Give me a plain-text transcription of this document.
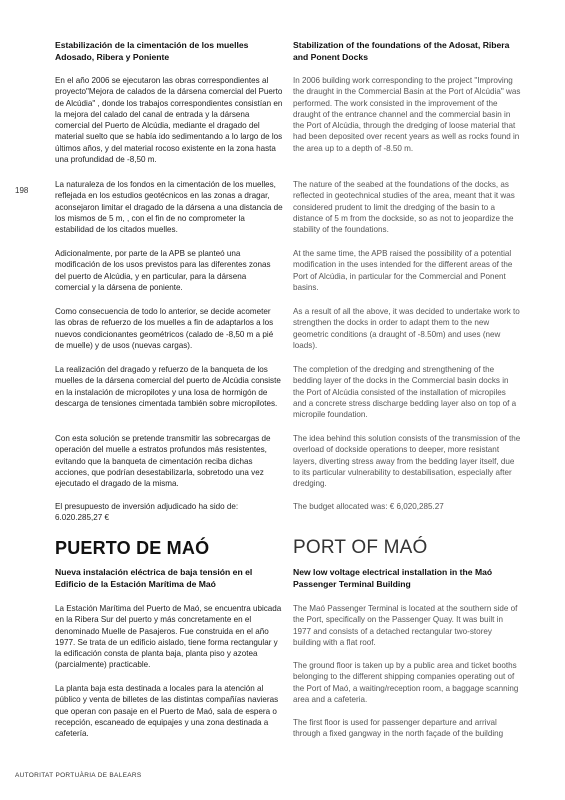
198
Estabilización de la cimentación de los muelles Adosado, Ribera y Poniente

En el año 2006 se ejecutaron las obras correspondientes al proyecto"Mejora de calados de la dársena comercial del Puerto de Alcúdia" , donde los trabajos correspondientes consistían en la mejora del calado del canal de entrada y la dársena comercial del Puerto de Alcúdia, mediante el dragado del material suelto que se había ido sedimentando a lo largo de los últimos años, y del material rocoso existente en la zona hasta una profundidad de -8,50 m.

La naturaleza de los fondos en la cimentación de los muelles, reflejada en los estudios geotécnicos en las zonas a dragar, aconsejaron limitar el dragado de la dársena a una distancia de los mismos de 5 m, , con el fin de no comprometer la estabilidad de los citados muelles.

Adicionalmente, por parte de la APB se planteó una modificación de los usos previstos para las diferentes zonas del puerto de Alcúdia, y en particular, para la dársena comercial y la dársena de poniente.

Como consecuencia de todo lo anterior, se decide acometer las obras de refuerzo de los muelles a fin de adaptarlos a los nuevos condicionantes geométricos (calado de -8,50 m a pié de muelle) y de usos (nuevas cargas).

La realización del dragado y refuerzo de la banqueta de los muelles de la dársena comercial del puerto de Alcúdia consiste en la instalación de micropilotes y una losa de hormigón de descarga de tensiones cimentada también sobre micropilotes.

Con esta solución se pretende transmitir las sobrecargas de operación del muelle a estratos profundos más resistentes, evitando que la banqueta de cimentación reciba dichas acciones, que podrían desestabilizarla, sobretodo una vez ejecutado el dragado de la misma.

El presupuesto de inversión adjudicado ha sido de: 6.020.285,27 €

PUERTO DE MAÓ
Nueva instalación eléctrica de baja tensión en el Edificio de la Estación Marítima de Maó

La Estación Marítima del Puerto de Maó, se encuentra ubicada en la Ribera Sur del puerto y más concretamente en el denominado Muelle de Pasajeros. Fue construida en el año 1977. Se trata de un edificio aislado, tiene forma rectangular y la edificación consta de planta baja, planta piso y azotea (parcialmente) practicable.

La planta baja esta destinada a locales para la atención al público y venta de billetes de las distintas compañías navieras que operan con pasaje en el Puerto de Maó, sala de espera o recepción, escaneado de equipajes y una zona destinada a cafetería.

Stabilization of the foundations of the Adosat, Ribera and Ponent Docks

In 2006 building work corresponding to the project "Improving the draught in the Commercial Basin at the Port of Alcúdia" was performed. The work consisted in the improvement of the draught of the entrance channel and the commercial basin in the Port of Alcúdia, through the dredging of loose material that had been deposited over recent years as well as rocks found in the area up to a depth of -8.50 m.

The nature of the seabed at the foundations of the docks, as reflected in geotechnical studies of the area, meant that it was considered prudent to limit the dredging of the basin to a distance of 5 m from the dockside, so as not to jeopardize the stability of the foundations.

At the same time, the APB raised the possibility of a potential modification in the uses intended for the different areas of the Port of Alcúdia, in particular for the Commercial and Ponent basins.

As a result of all the above, it was decided to undertake work to strengthen the docks in order to adapt them to the new geometric conditions (a draught of -8.50m) and uses (new loads).

The completion of the dredging and strengthening of the bedding layer of the docks in the Commercial basin docks in the Port of Alcúdia consisted of the installation of micropiles and a concrete stress discharge bedding layer also on top of a micropile foundation.

The idea behind this solution consists of the transmission of the overload of dockside operations to deeper, more resistant layers, diverting stress away from the bedding layer itself, due to its particular vulnerability to destabilisation, especially after dredging.

The budget allocated was: € 6,020,285.27

PORT OF MAÓ
New low voltage electrical installation in the Maó Passenger Terminal Building

The Maó Passenger Terminal is located at the southern side of the Port, specifically on the Passenger Quay. It was built in 1977 and consists of a detached rectangular two-storey building with a flat roof.

The ground floor is taken up by a public area and ticket booths belonging to the different shipping companies operating out of the Port of Maó, a waiting/reception room, a baggage scanning area and a cafeteria.

The first floor is used for passenger departure and arrival through a fixed gangway in the north façade of the building

AUTORITAT PORTUÀRIA DE BALEARS
